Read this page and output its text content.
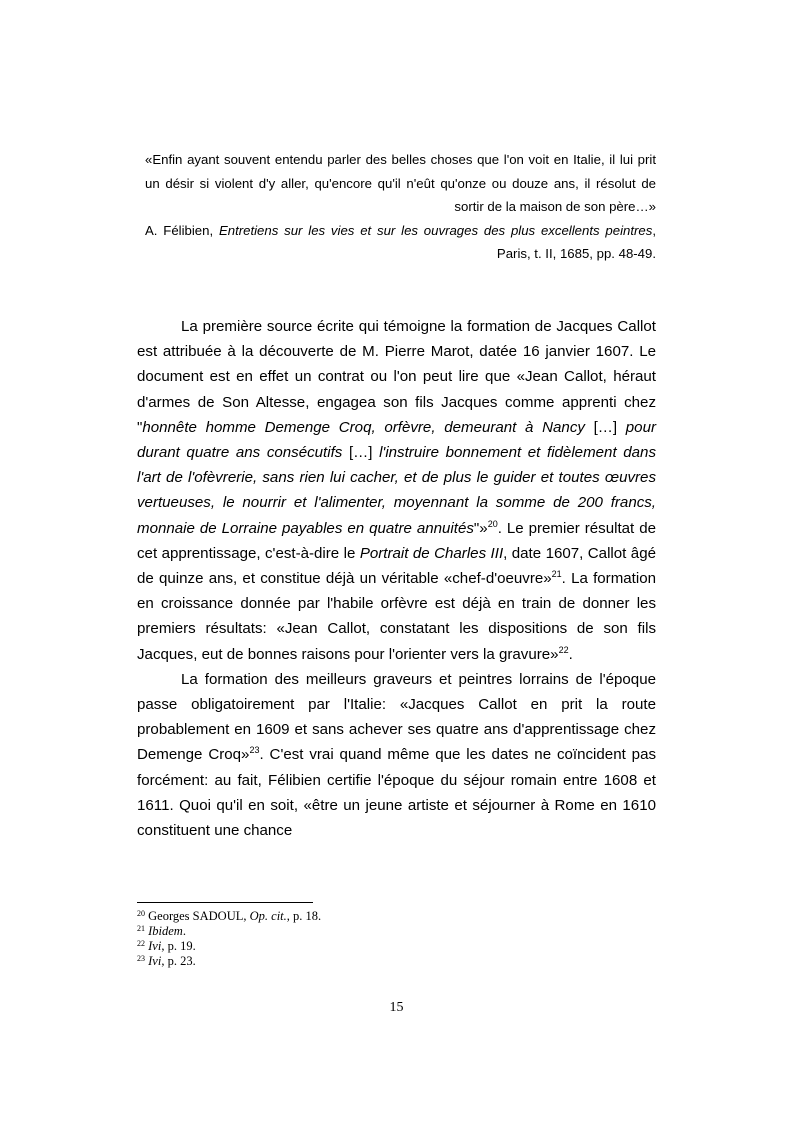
«Enfin ayant souvent entendu parler des belles choses que l'on voit en Italie, il lui prit
un désir si violent d'y aller, qu'encore qu'il n'eût qu'onze ou douze ans, il résolut de
sortir de la maison de son père…»
A. Félibien, Entretiens sur les vies et sur les ouvrages des plus excellents peintres,
Paris, t. II, 1685, pp. 48-49.

La première source écrite qui témoigne la formation de Jacques Callot est attribuée à la découverte de M. Pierre Marot, datée 16 janvier 1607. Le document est en effet un contrat ou l'on peut lire que «Jean Callot, héraut d'armes de Son Altesse, engagea son fils Jacques comme apprenti chez "honnête homme Demenge Croq, orfèvre, demeurant à Nancy […] pour durant quatre ans consécutifs […] l'instruire bonnement et fidèlement dans l'art de l'ofèvrerie, sans rien lui cacher, et de plus le guider et toutes œuvres vertueuses, le nourrir et l'alimenter, moyennant la somme de 200 francs, monnaie de Lorraine payables en quatre annuités"»$^{20}$. Le premier résultat de cet apprentissage, c'est-à-dire le Portrait de Charles III, date 1607, Callot âgé de quinze ans, et constitue déjà un véritable «chef-d'oeuvre»$^{21}$. La formation en croissance donnée par l'habile orfèvre est déjà en train de donner les premiers résultats: «Jean Callot, constatant les dispositions de son fils Jacques, eut de bonnes raisons pour l'orienter vers la gravure»$^{22}$.

La formation des meilleurs graveurs et peintres lorrains de l'époque passe obligatoirement par l'Italie: «Jacques Callot en prit la route probablement en 1609 et sans achever ses quatre ans d'apprentissage chez Demenge Croq»$^{23}$. C'est vrai quand même que les dates ne coïncident pas forcément: au fait, Félibien certifie l'époque du séjour romain entre 1608 et 1611. Quoi qu'il en soit, «être un jeune artiste et séjourner à Rome en 1610 constituent une chance

$^{20}$ Georges SADOUL, Op. cit., p. 18.
$^{21}$ Ibidem.
$^{22}$ Ivi, p. 19.
$^{23}$ Ivi, p. 23.
15
